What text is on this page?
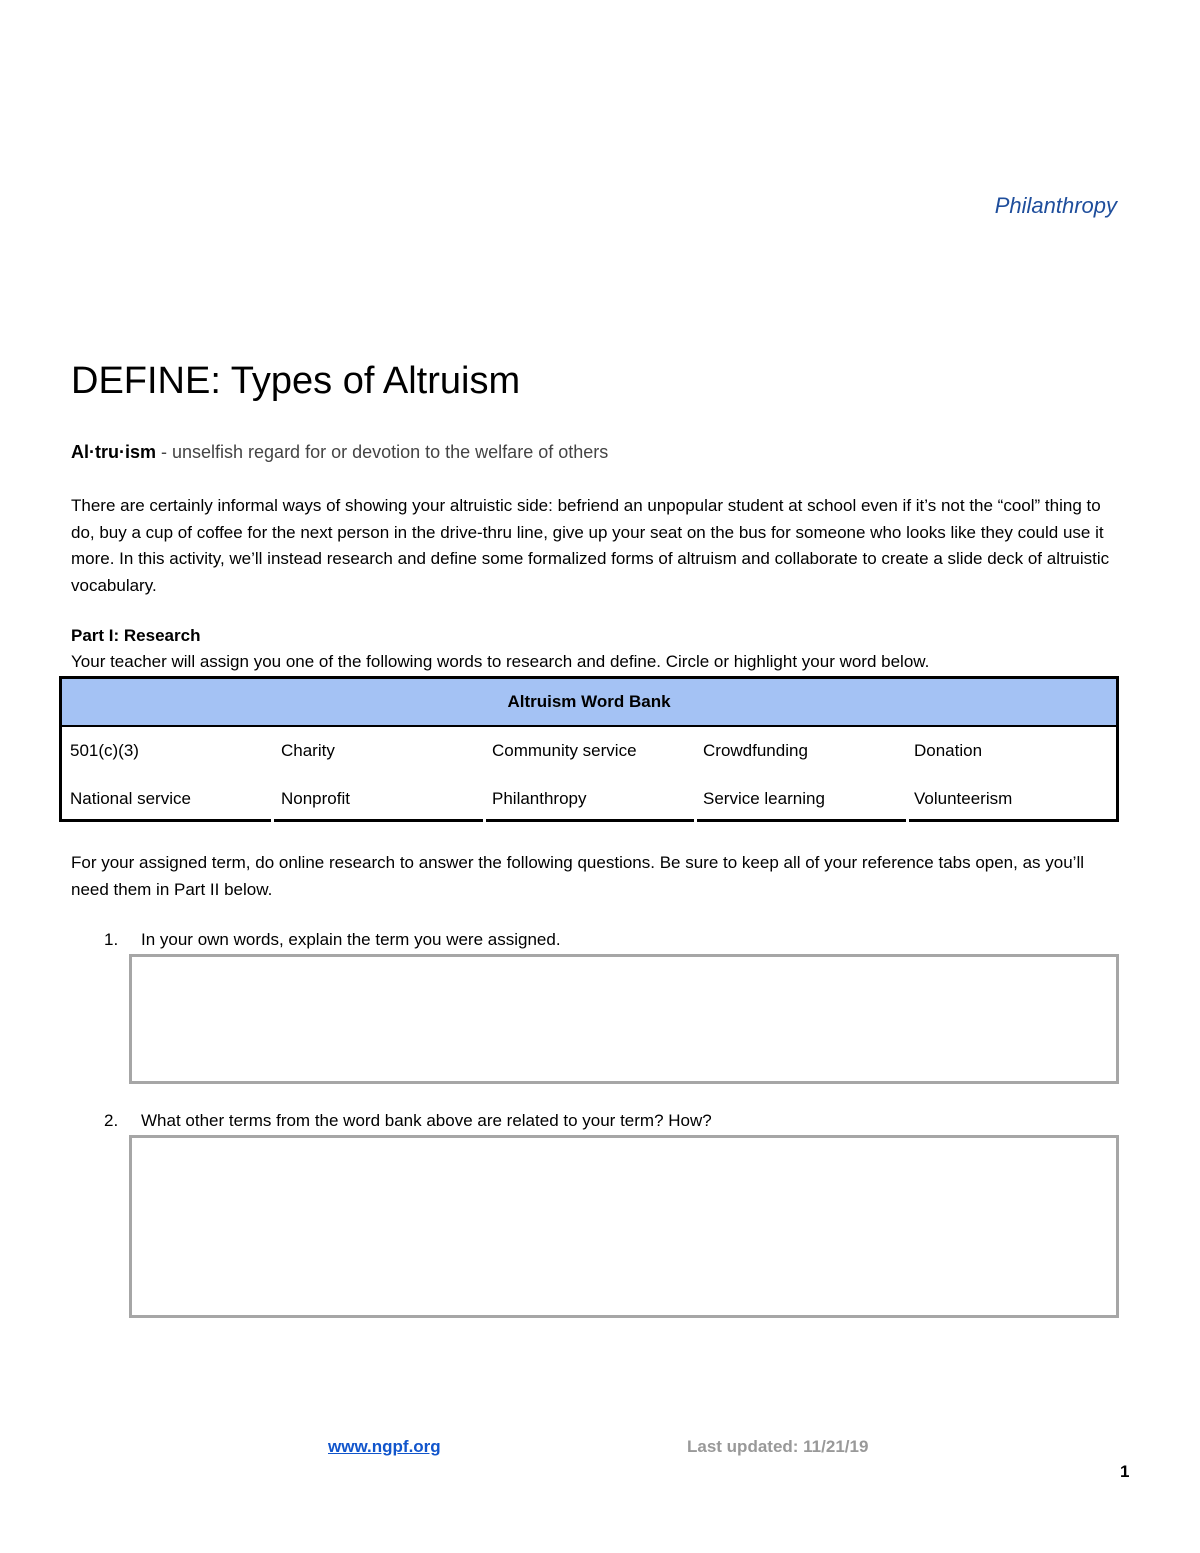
Philanthropy
DEFINE: Types of Altruism
Al·tru·ism - unselfish regard for or devotion to the welfare of others
There are certainly informal ways of showing your altruistic side: befriend an unpopular student at school even if it’s not the “cool” thing to do, buy a cup of coffee for the next person in the drive-thru line, give up your seat on the bus for someone who looks like they could use it more. In this activity, we’ll instead research and define some formalized forms of altruism and collaborate to create a slide deck of altruistic vocabulary.
Part I: Research
Your teacher will assign you one of the following words to research and define. Circle or highlight your word below.
Altruism Word Bank
501(c)(3)	Charity	Community service	Crowdfunding	Donation
National service	Nonprofit	Philanthropy	Service learning	Volunteerism
For your assigned term, do online research to answer the following questions. Be sure to keep all of your reference tabs open, as you’ll need them in Part II below.
1. In your own words, explain the term you were assigned.
2. What other terms from the word bank above are related to your term? How?
www.ngpf.org	Last updated: 11/21/19
1
